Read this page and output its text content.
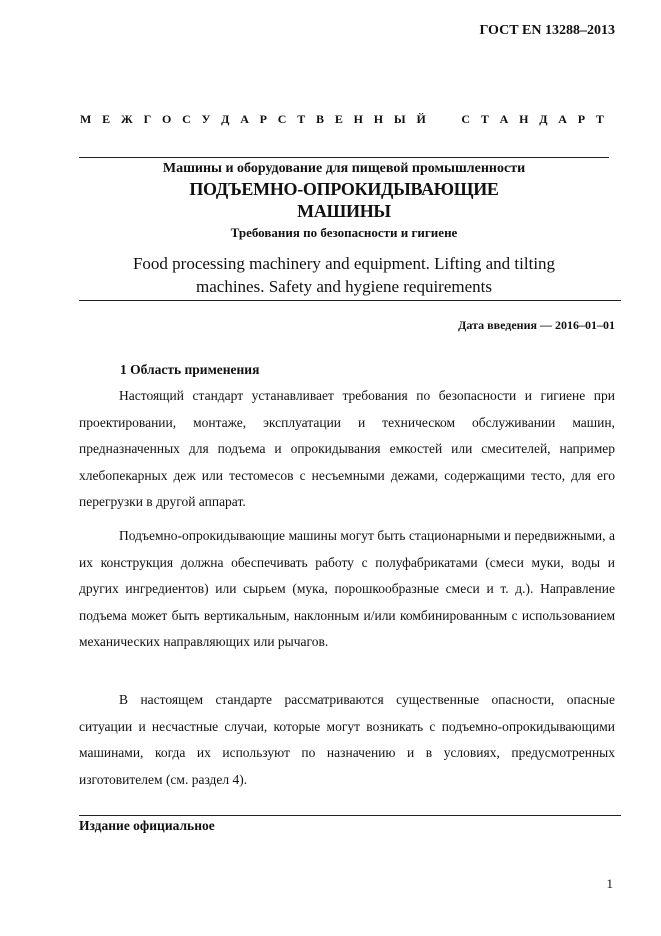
ГОСТ EN 13288–2013
М Е Ж Г О С У Д А Р С Т В Е Н Н Ы Й	С Т А Н Д А Р Т
Машины и оборудование для пищевой промышленности
ПОДЪЕМНО-ОПРОКИДЫВАЮЩИЕ
МАШИНЫ
Требования по безопасности и гигиене
Food processing machinery and equipment. Lifting and tilting
machines. Safety and hygiene requirements
Дата введения — 2016–01–01
1 Область применения
Настоящий стандарт устанавливает требования по безопасности и гигиене при проектировании, монтаже, эксплуатации и техническом обслуживании машин, предназначенных для подъема и опрокидывания емкостей или смесителей, например хлебопекарных деж или тестомесов с несъемными дежами, содержащими тесто, для его перегрузки в другой аппарат.
Подъемно-опрокидывающие машины могут быть стационарными и передвижными, а их конструкция должна обеспечивать работу с полуфабрикатами (смеси муки, воды и других ингредиентов) или сырьем (мука, порошкообразные смеси и т. д.). Направление подъема может быть вертикальным, наклонным и/или комбинированным с использованием механических направляющих или рычагов.
В настоящем стандарте рассматриваются существенные опасности, опасные ситуации и несчастные случаи, которые могут возникать с подъемно-опрокидывающими машинами, когда их используют по назначению и в условиях, предусмотренных изготовителем (см. раздел 4).
Издание официальное
1
